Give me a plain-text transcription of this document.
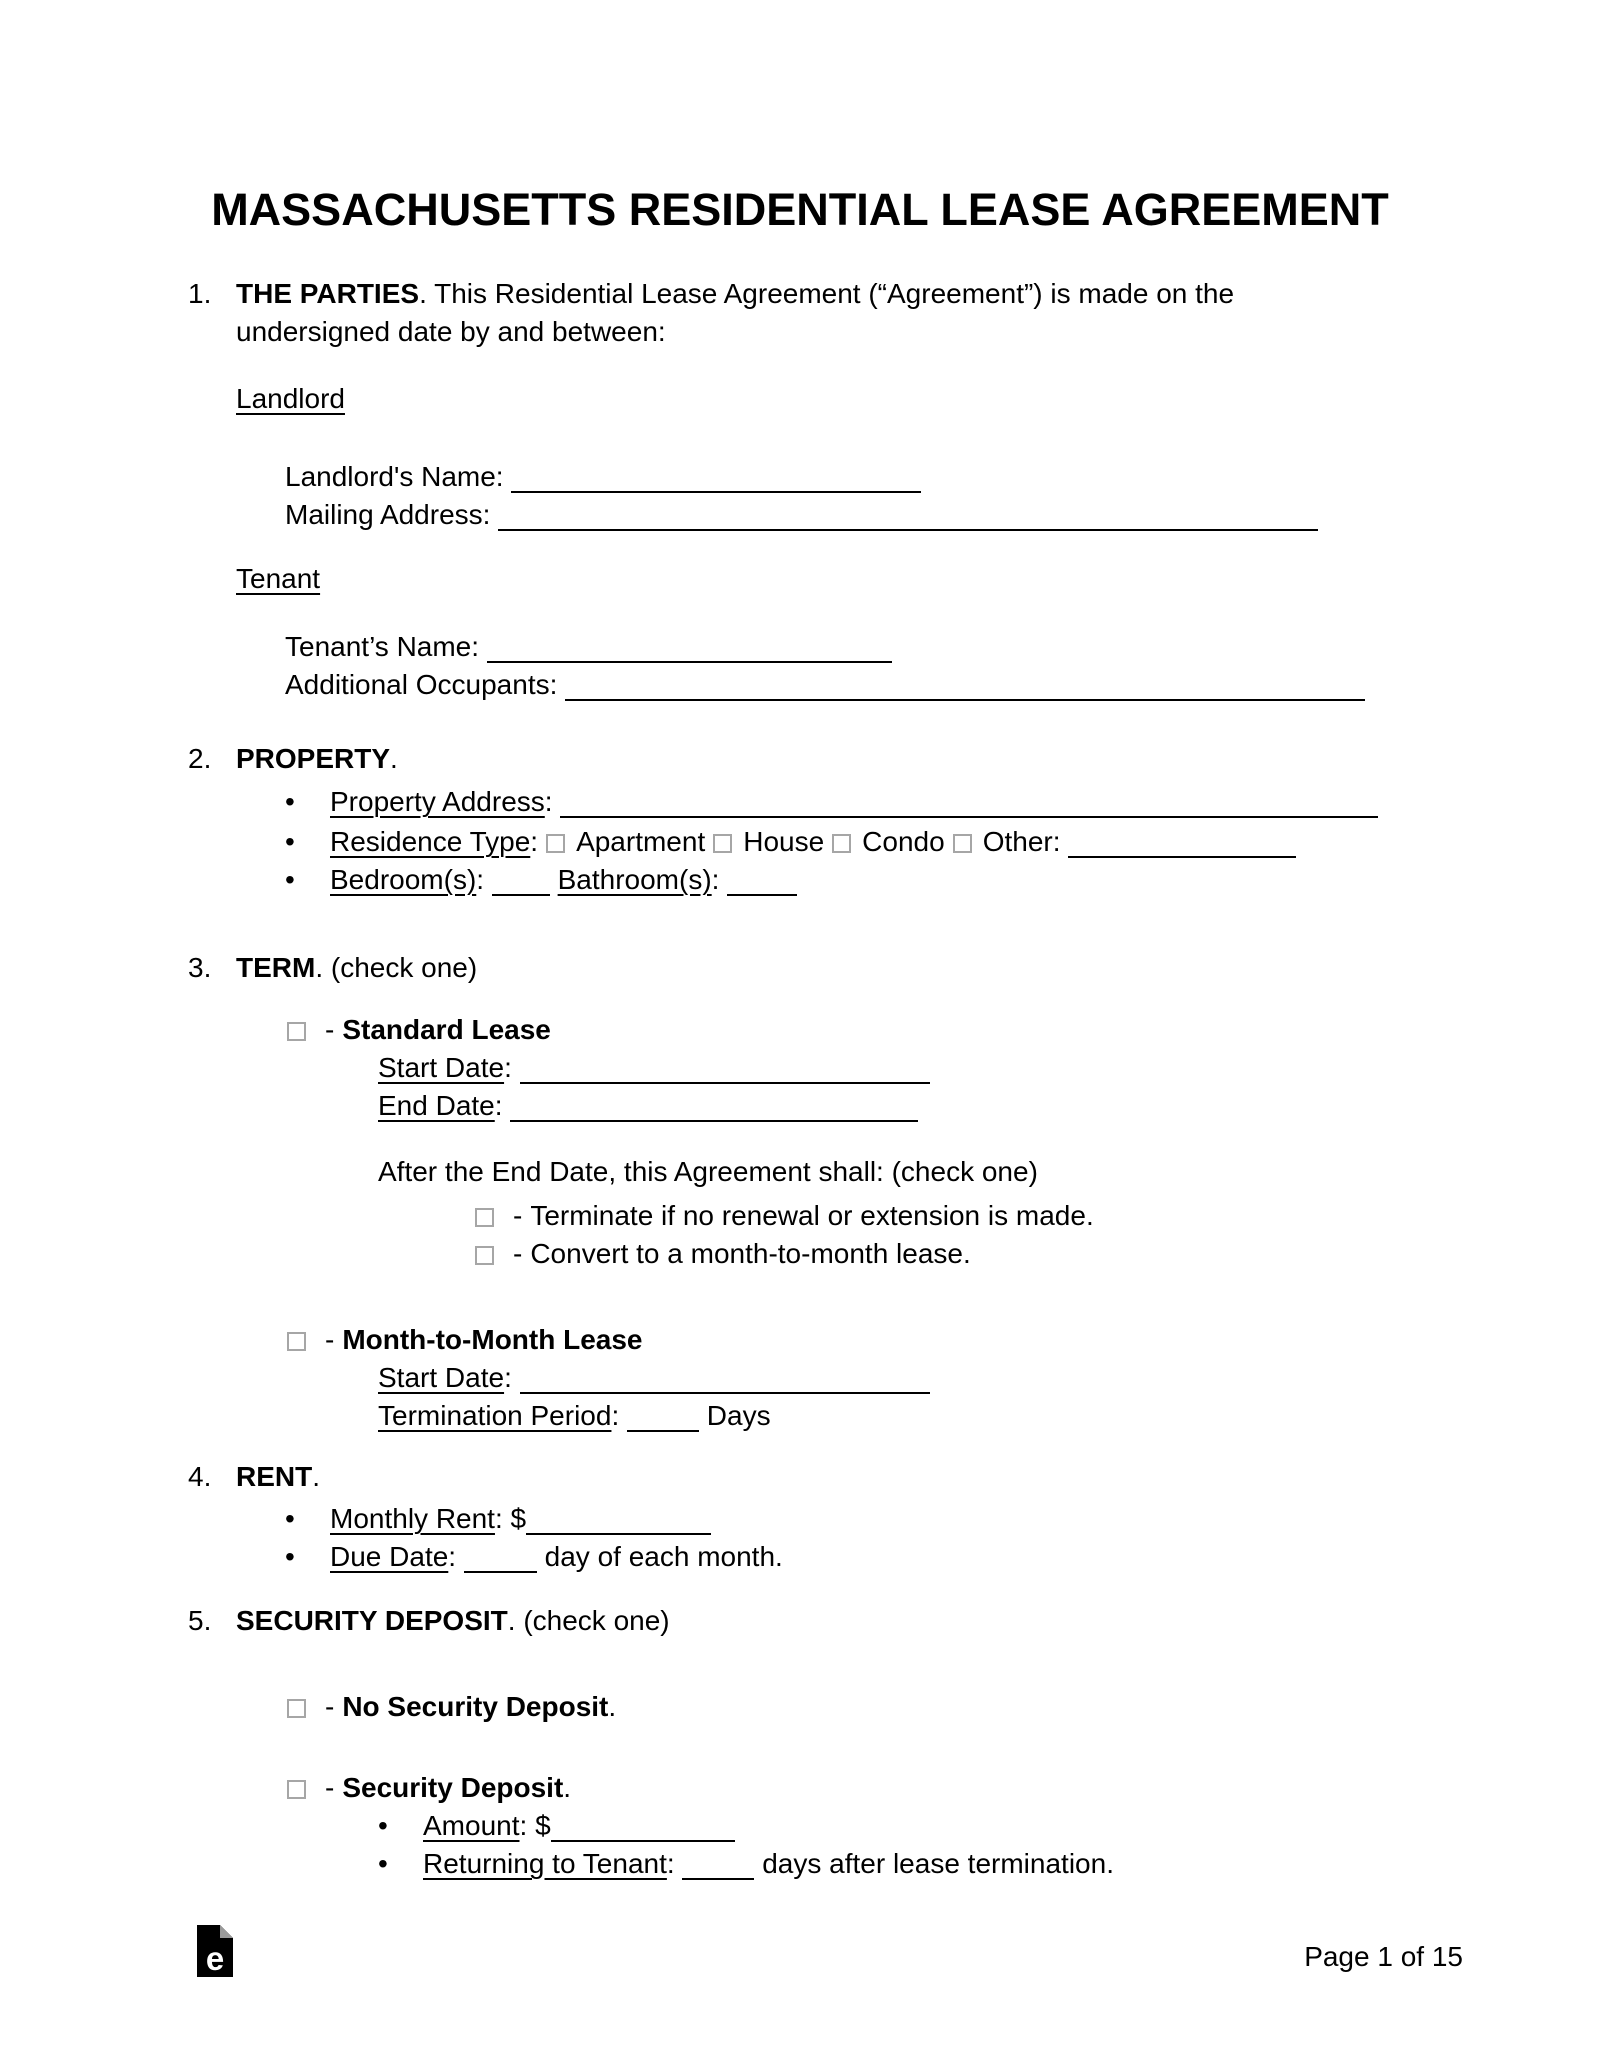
MASSACHUSETTS RESIDENTIAL LEASE AGREEMENT
1. THE PARTIES. This Residential Lease Agreement (“Agreement”) is made on the
undersigned date by and between:
Landlord
Landlord's Name:
Mailing Address:
Tenant
Tenant’s Name:
Additional Occupants:
2. PROPERTY.
• Property Address:
• Residence Type: Apartment House Condo Other:
• Bedroom(s):	Bathroom(s):
3. TERM. (check one)
- Standard Lease
Start Date:
End Date:
After the End Date, this Agreement shall: (check one)
- Terminate if no renewal or extension is made.
- Convert to a month-to-month lease.
- Month-to-Month Lease
Start Date:
Termination Period:	Days
4. RENT.
• Monthly Rent: $
• Due Date:	day of each month.
5. SECURITY DEPOSIT. (check one)
- No Security Deposit.
- Security Deposit.
• Amount: $
• Returning to Tenant:	days after lease termination.
e	Page 1 of 15
